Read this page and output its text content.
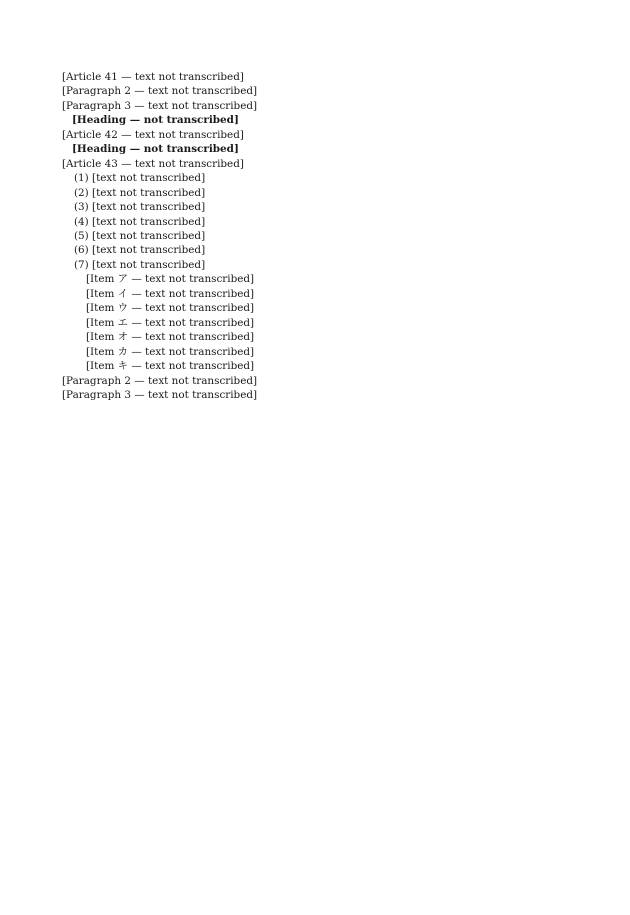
[Article 41 — text not transcribed]

[Paragraph 2 — text not transcribed]

[Paragraph 3 — text not transcribed]

[Heading — not transcribed]

[Article 42 — text not transcribed]

[Heading — not transcribed]

[Article 43 — text not transcribed]

(1) [text not transcribed]

(2) [text not transcribed]

(3) [text not transcribed]

(4) [text not transcribed]

(5) [text not transcribed]

(6) [text not transcribed]

(7) [text not transcribed]

[Item ア — text not transcribed]

[Item イ — text not transcribed]

[Item ウ — text not transcribed]

[Item エ — text not transcribed]

[Item オ — text not transcribed]

[Item カ — text not transcribed]

[Item キ — text not transcribed]

[Paragraph 2 — text not transcribed]

[Paragraph 3 — text not transcribed]
